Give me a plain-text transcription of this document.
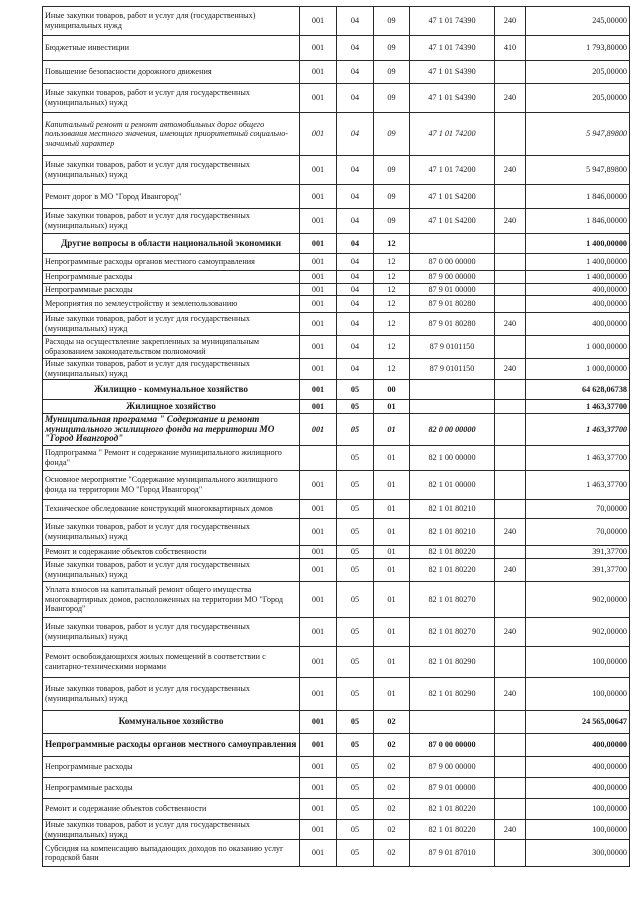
Иные закупки товаров, работ и услуг для (государственных) муниципальных нужд	001	04	09	47 1 01 74390	240	245,00000
Бюджетные инвестиции	001	04	09	47 1 01 74390	410	1 793,80000
Повышение безопасности дорожного движения	001	04	09	47 1 01 S4390		205,00000
Иные закупки товаров, работ и услуг для государственных (муниципальных) нужд	001	04	09	47 1 01 S4390	240	205,00000
Капитальный ремонт и ремонт автомобильных дорог общего пользования местного значения, имеющих приоритетный социально-значимый характер	001	04	09	47 1 01 74200		5 947,89800
Иные закупки товаров, работ и услуг для государственных (муниципальных) нужд	001	04	09	47 1 01 74200	240	5 947,89800
Ремонт дорог в МО "Город Ивангород"	001	04	09	47 1 01 S4200		1 846,00000
Иные закупки товаров, работ и услуг для государственных (муниципальных) нужд	001	04	09	47 1 01 S4200	240	1 846,00000
Другие вопросы в области национальной экономики	001	04	12			1 400,00000
Непрограммные расходы органов местного самоуправления	001	04	12	87 0 00 00000		1 400,00000
Непрограммные расходы	001	04	12	87 9 00 00000		1 400,00000
Непрограммные расходы	001	04	12	87 9 01 00000		400,00000
Мероприятия по землеустройству и землепользованию	001	04	12	87 9 01 80280		400,00000
Иные закупки товаров, работ и услуг для государственных (муниципальных) нужд	001	04	12	87 9 01 80280	240	400,00000
Расходы на осуществление закрепленных за муниципальным образованием законодательством полномочий	001	04	12	87 9 0101150		1 000,00000
Иные закупки товаров, работ и услуг для государственных (муниципальных) нужд	001	04	12	87 9 0101150	240	1 000,00000
Жилищно - коммунальное хозяйство	001	05	00			64 628,06738
Жилищное хозяйство	001	05	01			1 463,37700
Муниципальная программа " Содержание и ремонт муниципального жилищного фонда на территории МО "Город Ивангород"	001	05	01	82 0 00 00000		1 463,37700
Подпрограмма " Ремонт и содержание муниципального жилищного фонда"		05	01	82 1 00 00000		1 463,37700
Основное мероприятие "Содержание муниципального жилищного фонда на территории МО "Город Ивангород"	001	05	01	82 1 01 00000		1 463,37700
Техническое обследование конструкций многоквартирных домов	001	05	01	82 1 01 80210		70,00000
Иные закупки товаров, работ и услуг для государственных (муниципальных) нужд	001	05	01	82 1 01 80210	240	70,00000
Ремонт и содержание объектов собственности	001	05	01	82 1 01 80220		391,37700
Иные закупки товаров, работ и услуг для государственных (муниципальных) нужд	001	05	01	82 1 01 80220	240	391,37700
Уплата взносов на капитальный ремонт общего имущества многоквартирных домов, расположенных на территории МО "Город Ивангород"	001	05	01	82 1 01 80270		902,00000
Иные закупки товаров, работ и услуг для государственных (муниципальных) нужд	001	05	01	82 1 01 80270	240	902,00000
Ремонт освобождающихся жилых помещений в соответствии с санитарно-техническими нормами	001	05	01	82 1 01 80290		100,00000
Иные закупки товаров, работ и услуг для государственных (муниципальных) нужд	001	05	01	82 1 01 80290	240	100,00000
Коммунальное хозяйство	001	05	02			24 565,00647
Непрограммные расходы органов местного самоуправления	001	05	02	87 0 00 00000		400,00000
Непрограммные расходы	001	05	02	87 9 00 00000		400,00000
Непрограммные расходы	001	05	02	87 9 01 00000		400,00000
Ремонт и содержание объектов собственности	001	05	02	82 1 01 80220		100,00000
Иные закупки товаров, работ и услуг для государственных (муниципальных) нужд	001	05	02	82 1 01 80220	240	100,00000
Субсидия на компенсацию выпадающих доходов по оказанию услуг городской бани	001	05	02	87 9 01 87010		300,00000
